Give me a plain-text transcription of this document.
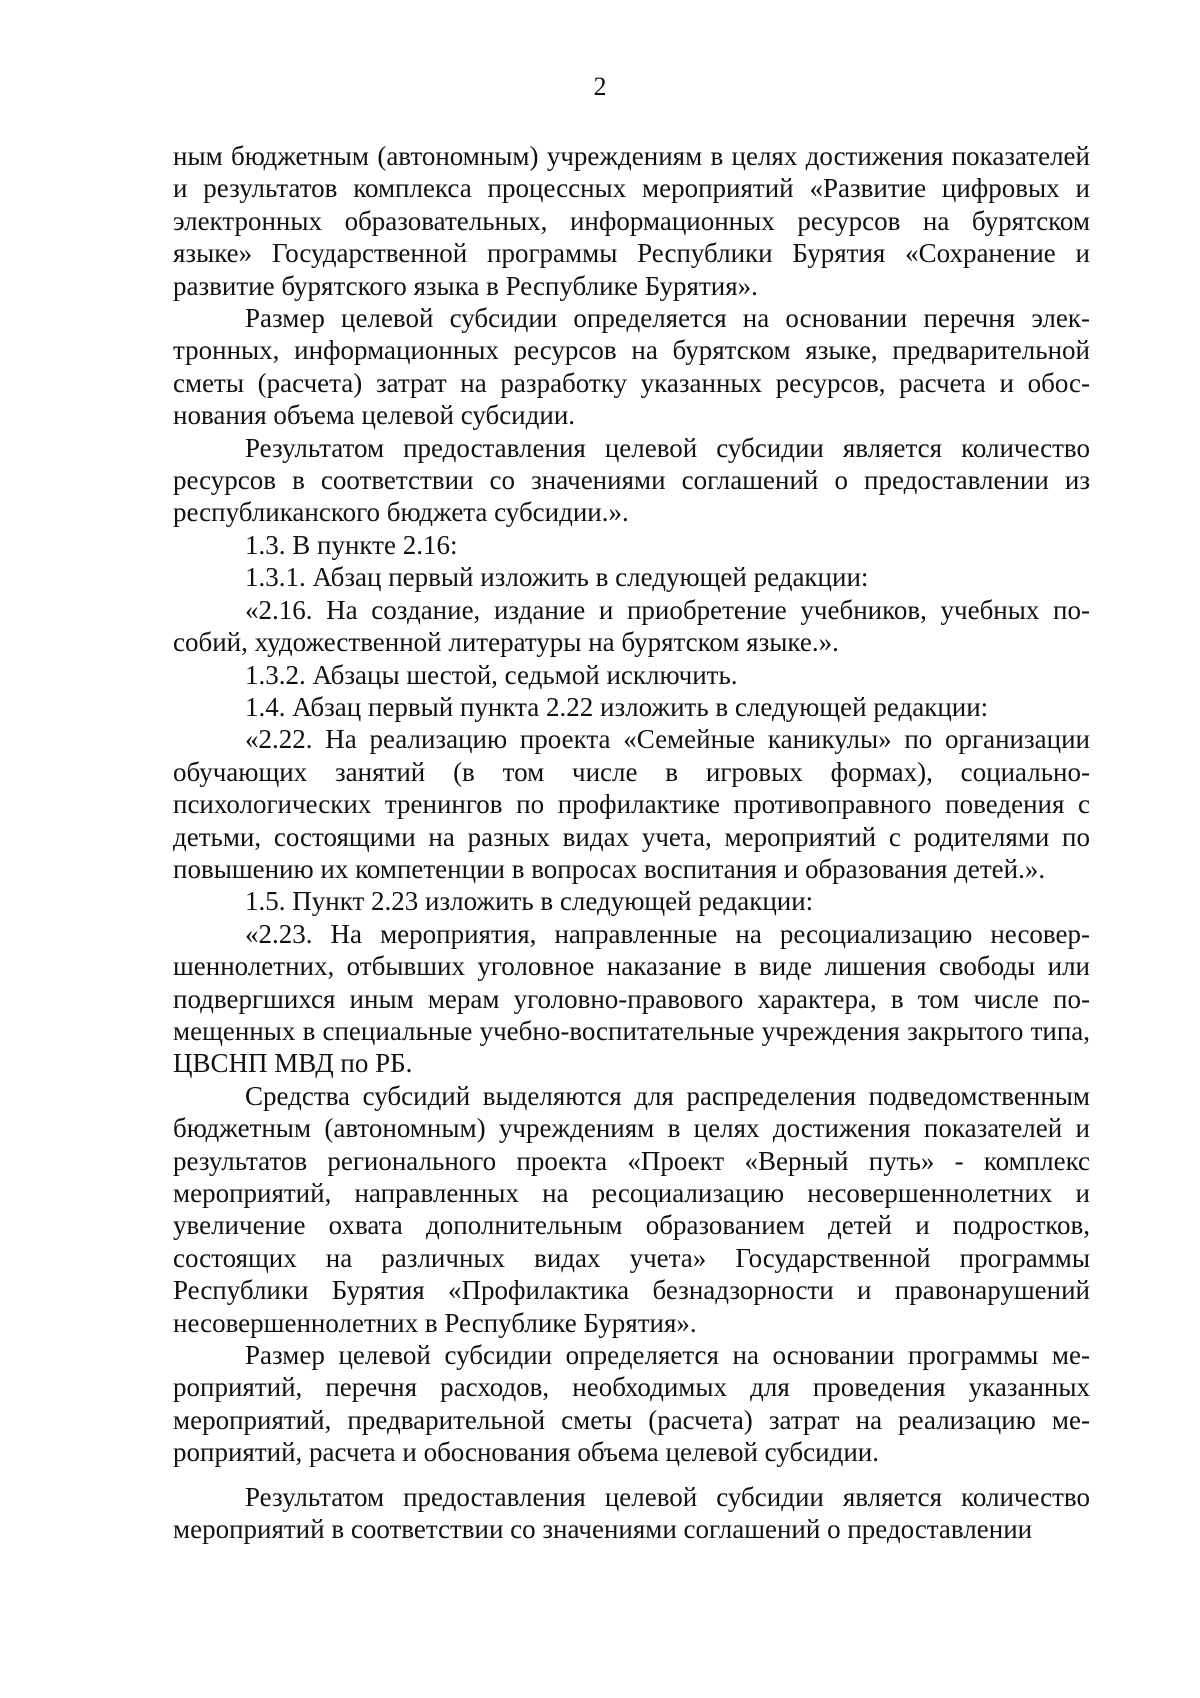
2

ным бюджетным (автономным) учреждениям в целях достижения показателей и результатов комплекса процессных мероприятий «Развитие цифровых и электронных образовательных, информационных ресурсов на бурятском языке» Государственной программы Республики Бурятия «Сохранение и развитие бурятского языка в Республике Бурятия».

Размер целевой субсидии определяется на основании перечня электронных, информационных ресурсов на бурятском языке, предварительной сметы (расчета) затрат на разработку указанных ресурсов, расчета и обоснования объема целевой субсидии.

Результатом предоставления целевой субсидии является количество ресурсов в соответствии со значениями соглашений о предоставлении из республиканского бюджета субсидии.».

1.3. В пункте 2.16:

1.3.1. Абзац первый изложить в следующей редакции:

«2.16. На создание, издание и приобретение учебников, учебных пособий, художественной литературы на бурятском языке.».

1.3.2. Абзацы шестой, седьмой исключить.

1.4. Абзац первый пункта 2.22 изложить в следующей редакции:

«2.22. На реализацию проекта «Семейные каникулы» по организации обучающих занятий (в том числе в игровых формах), социально-психологических тренингов по профилактике противоправного поведения с детьми, состоящими на разных видах учета, мероприятий с родителями по повышению их компетенции в вопросах воспитания и образования детей.».

1.5. Пункт 2.23 изложить в следующей редакции:

«2.23. На мероприятия, направленные на ресоциализацию несовершеннолетних, отбывших уголовное наказание в виде лишения свободы или подвергшихся иным мерам уголовно-правового характера, в том числе помещенных в специальные учебно-воспитательные учреждения закрытого типа, ЦВСНП МВД по РБ.

Средства субсидий выделяются для распределения подведомственным бюджетным (автономным) учреждениям в целях достижения показателей и результатов регионального проекта «Проект «Верный путь» - комплекс мероприятий, направленных на ресоциализацию несовершеннолетних и увеличение охвата дополнительным образованием детей и подростков, состоящих на различных видах учета» Государственной программы Республики Бурятия «Профилактика безнадзорности и правонарушений несовершеннолетних в Республике Бурятия».

Размер целевой субсидии определяется на основании программы мероприятий, перечня расходов, необходимых для проведения указанных мероприятий, предварительной сметы (расчета) затрат на реализацию мероприятий, расчета и обоснования объема целевой субсидии.

Результатом предоставления целевой субсидии является количество мероприятий в соответствии со значениями соглашений о предоставлении
